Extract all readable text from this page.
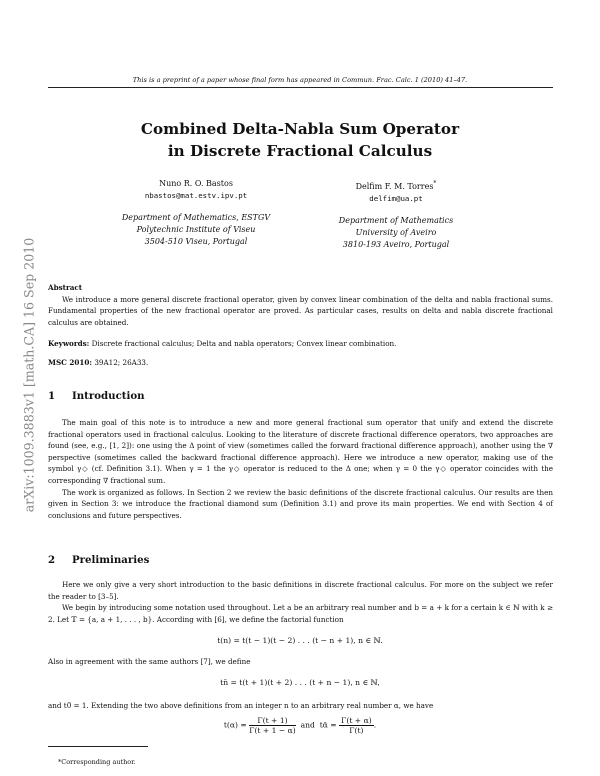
This is a preprint of a paper whose final form has appeared in Commun. Frac. Calc. 1 (2010) 41–47.
arXiv:1009.3883v1 [math.CA] 16 Sep 2010
Combined Delta-Nabla Sum Operator
in Discrete Fractional Calculus
Nuno R. O. Bastos
nbastos@mat.estv.ipv.pt
Department of Mathematics, ESTGV
Polytechnic Institute of Viseu
3504-510 Viseu, Portugal
Delfim F. M. Torres*
delfim@ua.pt
Department of Mathematics
University of Aveiro
3810-193 Aveiro, Portugal
Abstract
We introduce a more general discrete fractional operator, given by convex linear combination of the delta and nabla fractional sums. Fundamental properties of the new fractional operator are proved. As particular cases, results on delta and nabla discrete fractional calculus are obtained.
Keywords: Discrete fractional calculus; Delta and nabla operators; Convex linear combination.
MSC 2010: 39A12; 26A33.
1 Introduction
The main goal of this note is to introduce a new and more general fractional sum operator that unify and extend the discrete fractional operators used in fractional calculus. Looking to the literature of discrete fractional difference operators, two approaches are found (see, e.g., [1, 2]): one using the Δ point of view (sometimes called the forward fractional difference approach), another using the ∇ perspective (sometimes called the backward fractional difference approach). Here we introduce a new operator, making use of the symbol γ◇ (cf. Definition 3.1). When γ = 1 the γ◇ operator is reduced to the Δ one; when γ = 0 the γ◇ operator coincides with the corresponding ∇ fractional sum.
The work is organized as follows. In Section 2 we review the basic definitions of the discrete fractional calculus. Our results are then given in Section 3: we introduce the fractional diamond sum (Definition 3.1) and prove its main properties. We end with Section 4 of conclusions and future perspectives.
2 Preliminaries
Here we only give a very short introduction to the basic definitions in discrete fractional calculus. For more on the subject we refer the reader to [3–5].
We begin by introducing some notation used throughout. Let a be an arbitrary real number and b = a + k for a certain k ∈ ℕ with k ≥ 2. Let 𝕋 = {a, a + 1, . . . , b}. According with [6], we define the factorial function
t(n) = t(t − 1)(t − 2) . . . (t − n + 1), n ∈ ℕ.
Also in agreement with the same authors [7], we define
tn̄ = t(t + 1)(t + 2) . . . (t + n − 1), n ∈ ℕ,
and t0̄ = 1. Extending the two above definitions from an integer n to an arbitrary real number α, we have
$t(\alpha) = \frac{\Gamma(t + 1)}{\Gamma(t + 1 - \alpha)}$ and tᾱ = $\frac{\Gamma(t + \alpha)}{\Gamma(t)}$ .
*Corresponding author.
